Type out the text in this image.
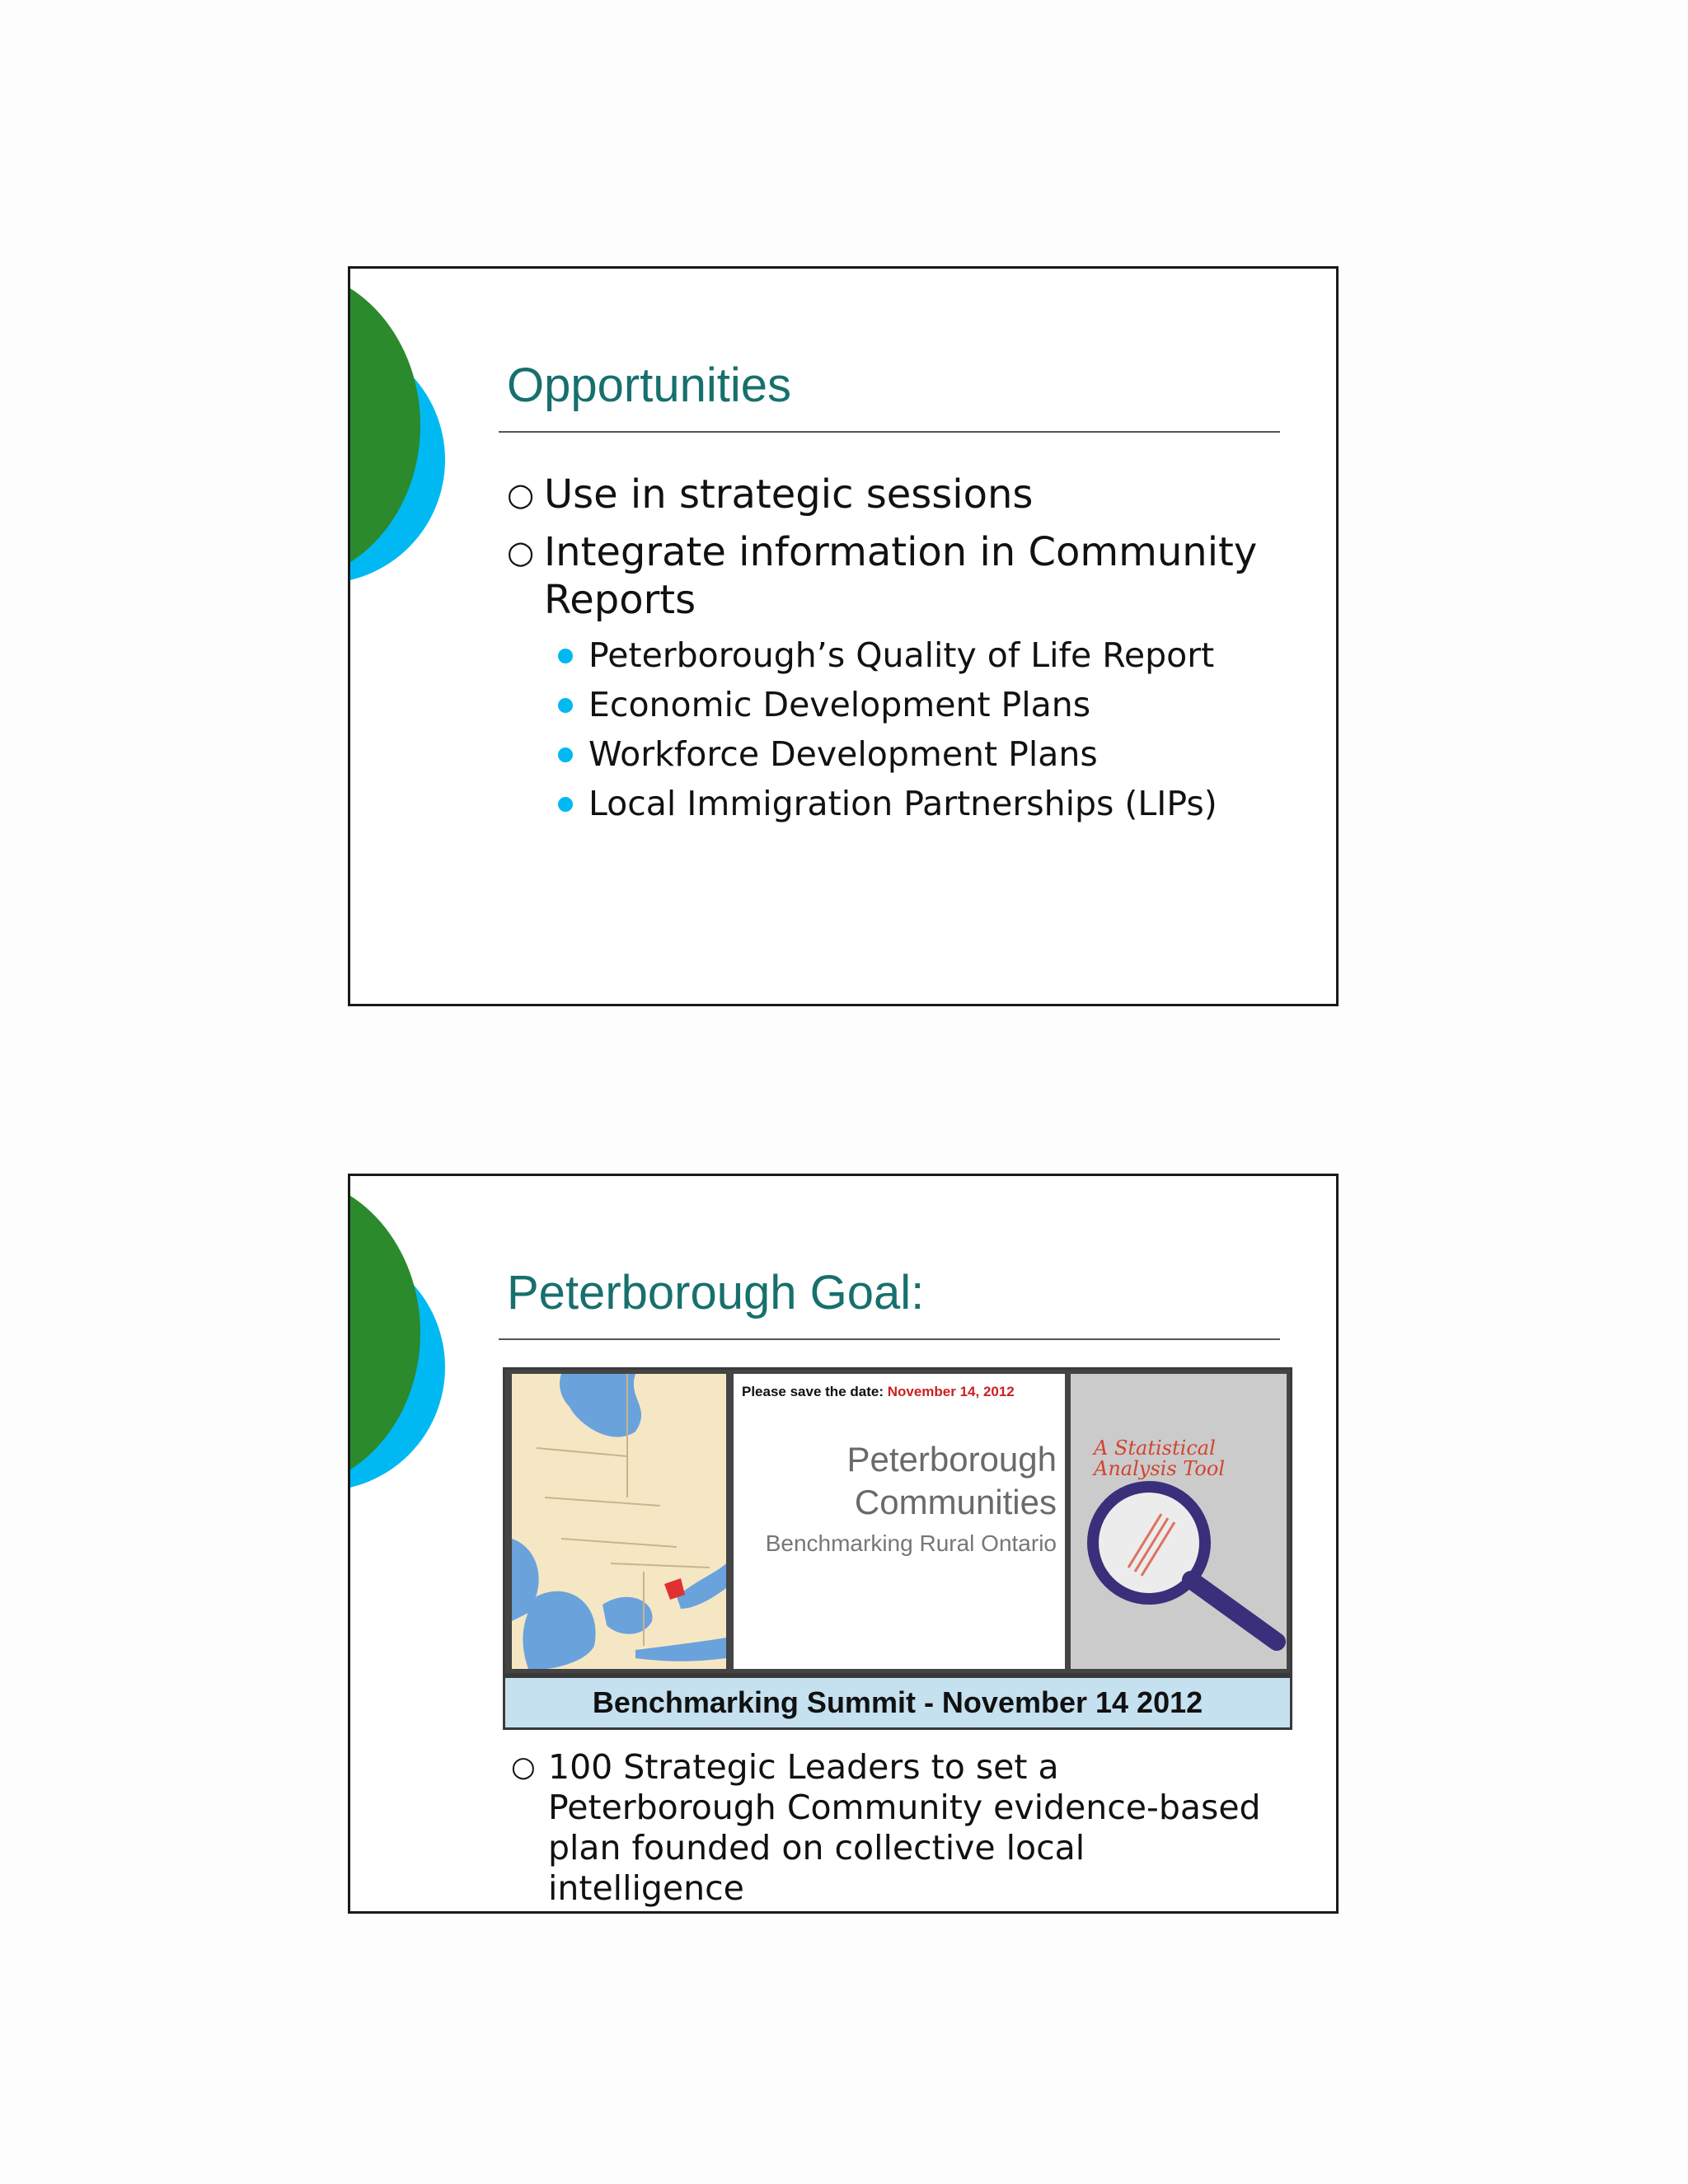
Opportunities
○ Use in strategic sessions
○ Integrate information in Community Reports
Peterborough’s Quality of Life Report
Economic Development Plans
Workforce Development Plans
Local Immigration Partnerships (LIPs)
Peterborough Goal:
Please save the date: November 14, 2012
Peterborough
Communities
Benchmarking Rural Ontario
A Statistical
Analysis Tool
Benchmarking Summit - November 14 2012
○ 100 Strategic Leaders to set a Peterborough Community evidence-based plan founded on collective local intelligence
